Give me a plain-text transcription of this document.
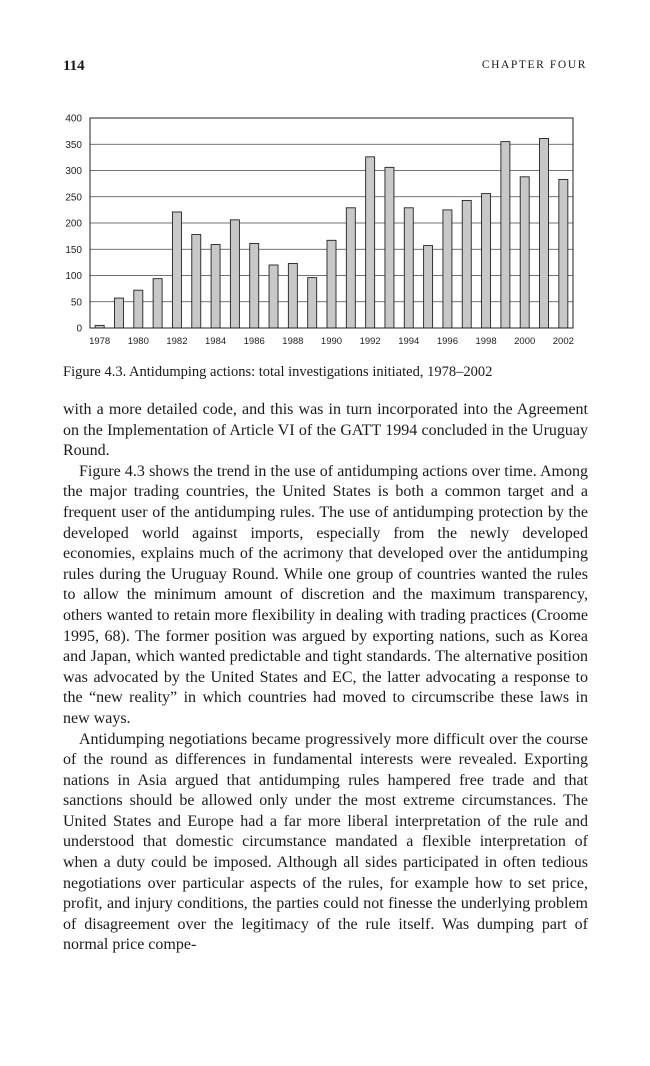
114	CHAPTER FOUR
0
50
100
150
200
250
300
350
400
1978 1980 1982 1984 1986 1988 1990 1992 1994 1996 1998 2000 2002
Figure 4.3. Antidumping actions: total investigations initiated, 1978–2002

with a more detailed code, and this was in turn incorporated into the Agreement on the Implementation of Article VI of the GATT 1994 concluded in the Uruguay Round.

Figure 4.3 shows the trend in the use of antidumping actions over time. Among the major trading countries, the United States is both a common target and a frequent user of the antidumping rules. The use of antidumping protection by the developed world against imports, especially from the newly developed economies, explains much of the acrimony that developed over the antidumping rules during the Uruguay Round. While one group of countries wanted the rules to allow the minimum amount of discretion and the maximum transparency, others wanted to retain more flexibility in dealing with trading practices (Croome 1995, 68). The former position was argued by exporting nations, such as Korea and Japan, which wanted predictable and tight standards. The alternative position was advocated by the United States and EC, the latter advocating a response to the “new reality” in which countries had moved to circumscribe these laws in new ways.

Antidumping negotiations became progressively more difficult over the course of the round as differences in fundamental interests were revealed. Exporting nations in Asia argued that antidumping rules hampered free trade and that sanctions should be allowed only under the most extreme circumstances. The United States and Europe had a far more liberal interpretation of the rule and understood that domestic circumstance mandated a flexible interpretation of when a duty could be imposed. Although all sides participated in often tedious negotiations over particular aspects of the rules, for example how to set price, profit, and injury conditions, the parties could not finesse the underlying problem of disagreement over the legitimacy of the rule itself. Was dumping part of normal price compe-
